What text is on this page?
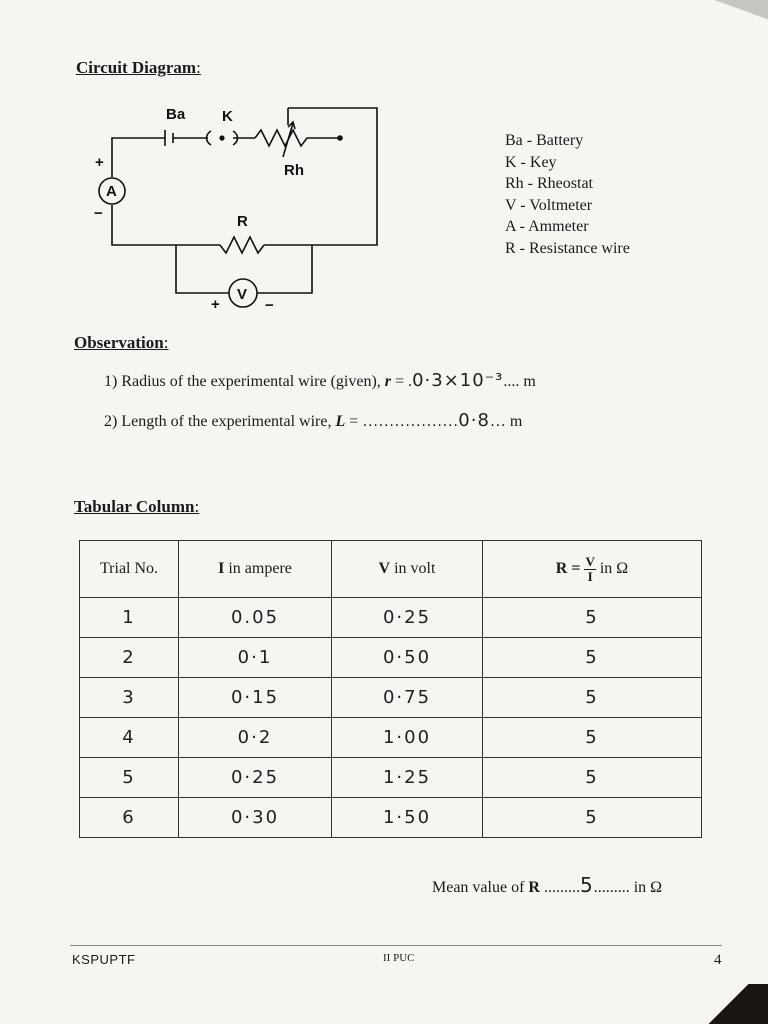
Circuit Diagram:
Ba K
Rh
A
V
R
+
−
+	−
Ba - Battery
K - Key
Rh - Rheostat
V - Voltmeter
A - Ammeter
R - Resistance wire
Observation:
1) Radius of the experimental wire (given), r = .0·3×10⁻³.... m
2) Length of the experimental wire, L = ………………0·8… m
Tabular Column:
Trial No.	I in ampere	V in volt	$R = \frac{V}{I}$ in Ω
1	0.05	0·25	5
2	0·1	0·50	5
3	0·15	0·75	5
4	0·2	1·00	5
5	0·25	1·25	5
6	0·30	1·50	5
Mean value of R .........5......... in Ω
KSPUPTF	II PUC	4
